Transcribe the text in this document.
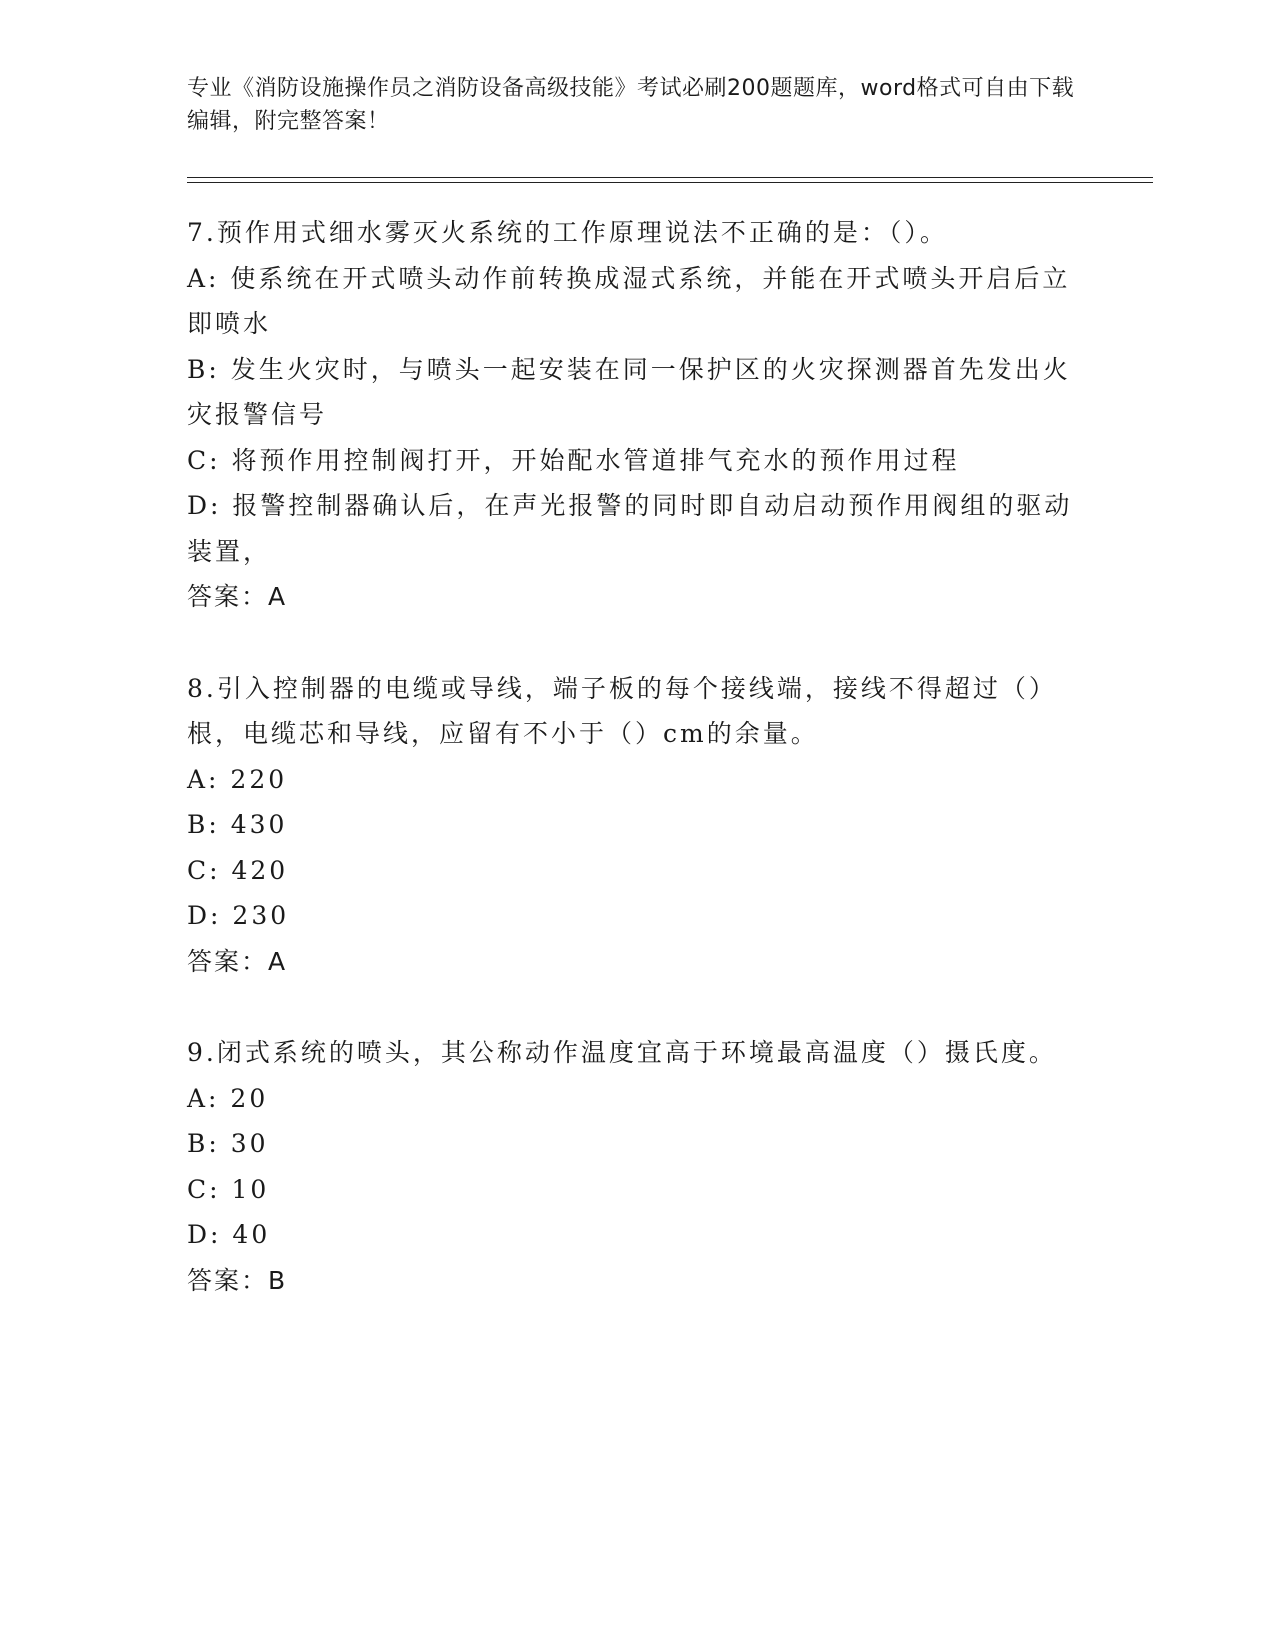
专业《消防设施操作员之消防设备高级技能》考试必刷200题题库，word格式可自由下载编辑，附完整答案！
7.预作用式细水雾灭火系统的工作原理说法不正确的是：（）。
A: 使系统在开式喷头动作前转换成湿式系统，并能在开式喷头开启后立即喷水
B: 发生火灾时，与喷头一起安装在同一保护区的火灾探测器首先发出火灾报警信号
C: 将预作用控制阀打开，开始配水管道排气充水的预作用过程
D: 报警控制器确认后，在声光报警的同时即自动启动预作用阀组的驱动装置，
答案：A
8.引入控制器的电缆或导线，端子板的每个接线端，接线不得超过（）根，电缆芯和导线，应留有不小于（）cm的余量。
A: 220
B: 430
C: 420
D: 230
答案：A
9.闭式系统的喷头，其公称动作温度宜高于环境最高温度（）摄氏度。
A: 20
B: 30
C: 10
D: 40
答案：B
